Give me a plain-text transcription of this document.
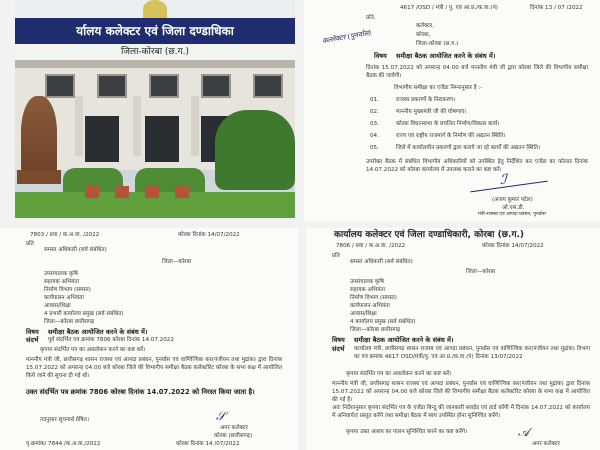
र्यालय कलेक्टर एवं जिला दण्डाधिका
जिला-कोरबा (छ.ग.)
4617 /OSD / मंत्री / पु. एवं आ.प्र./क.वा.(पं)	दिनांक 13 / 07 /2022
प्रति,
कलेक्टर,
कोरबा,
जिला-कोरबा (छ.ग.)
कल्लेक्टर (पुनर्वास)
विषय समीक्षा बैठक आयोजित करने के संबंध में।
दिनांक 15.07.2022 को अपरान्ह 04.00 बजे माननीय मंत्री जी द्वारा कोरबा जिले की विभागीय समीक्षा बैठक की जावेगी।
विभागीय समीक्षा का एजेंडा निम्नानुसार है :-
01.	राजस्व प्रकरणों के निराकरण।
02.	माननीय मुख्यमंत्री जी की घोषणाएं।
03.	कोरबा विधानसभा के प्रचलित निर्माण/विकास कार्य।
04.	राज्य एवं राष्ट्रीय राजमार्ग के निर्माण की अद्यतन स्थिति।
05.	जिले में कार्यालयीन प्रकरणों द्वारा कराये जा रहे कार्यों की अद्यतन स्थिति।
उपरोक्त बैठक में संबंधित विभागीय अधिकारियों को उपस्थित हेतु निर्देशित कर एजेंडा का फोल्डर दिनांक 14.07.2022 को कोरबा कार्यालय में उपलब्ध कराने का कष्ट करें।
ℐ
(अजय कुमार पटेल)
ओ.एस.डी.
मंत्री-राजस्व एवं आपदा प्रबंधन, पुनर्वास
7803 / प्रवा / क.अ.वा. /2022	कोरबा दिनांक 14/07/2022
प्रति
समस्त अधिकारी (सर्व संबंधित)
जिला—कोरबा
उपसंचालक कृषि
सहायक अभियंता
निर्माण विभाग (समस्त)
कार्यपालन अभियंता
आवास/शिक्षा
4 प्रभारी कार्यालय प्रमुख (सर्व संबंधित)
जिला—कोरबा छत्तीसगढ़
विषय समीक्षा बैठक आयोजित करने के संबंध में।
संदर्भ पूर्व संदर्भित पत्र क्रमांक 7806 कोरबा दिनांक 14.07.2022
कृपया संदर्भित पत्र का अवलोकन करने का कष्ट करें।
माननीय मंत्री जी, छत्तीसगढ़ शासन राजस्व एवं आपदा प्रबंधन, पुनर्वास एवं वाणिज्यिक कर(पंजीयन तथा मुद्रांक) द्वारा दिनांक 15.07.2022 को अपरान्ह 04.00 बजे कोरबा जिले की विभागीय समीक्षा बैठक कलेक्टोरेट कोरबा के सभा कक्ष में आयोजित किये जाने की सूचना दी गई थी।
उक्त संदर्भित पत्र क्रमांक 7806 कोरबा दिनांक 14.07.2022 को निरस्त किया जाता है।
तदनुसार सूचनार्थ प्रेषित।	𝒮
अपर कलेक्टर
कोरबा (छत्तीसगढ़)
पृ.क्रमांक/ 7844 /क.अ.वा./2022	कोरबा दिनांक 14 /07/2022
कार्यालय कलेक्टर एवं जिला दण्डाधिकारी, कोरबा (छ.ग.)
7806 / प्रवा / क.अ.वा. /2022	कोरबा दिनांक 14/07/2022
प्रति
समस्त अधिकारी (सर्व संबंधित)
जिला—कोरबा
उपसंचालक कृषि
सहायक अभियंता
निर्माण विभाग (समस्त)
कार्यपालन अभियंता
आवास/शिक्षा
4 कार्यालय प्रमुख (सर्व संबंधित)
जिला—कोरबा छत्तीसगढ़
विषय समीक्षा बैठक आयोजित करने के संबंध में।
संदर्भ कार्यालय मंत्री, छत्तीसगढ़ शासन राजस्व एवं आपदा प्रबंधन, पुनर्वास एवं वाणिज्यिक कर(पंजीयन तथा मुद्रांक) विभाग का पत्र क्रमांक 4617 OSD/मंत्री/पु. एवं आ.प्र./क.वा.(पं) दिनांक 13/07/2022
कृपया संदर्भित पत्र का अवलोकन करने का कष्ट करें।
माननीय मंत्री जी, छत्तीसगढ़ शासन राजस्व एवं आपदा प्रबंधन, पुनर्वास एवं वाणिज्यिक कर(पंजीयन तथा मुद्रांक) द्वारा दिनांक 15.07.2022 को अपरान्ह 04.00 बजे कोरबा जिले की विभागीय समीक्षा बैठक कलेक्टोरेट कोरबा के सभा कक्ष में आयोजित की गई है।
अतः निर्देशानुसार कृपया संदर्भित पत्र के एजेंडा बिन्दु की जानकारी स्लाईड एवं हार्ड कॉपी में दिनांक 14.07.2022 को कार्यालय में अनिवार्यतः प्रस्तुत करेंगे तथा समीक्षा बैठक में स्वयं उपस्थित होना सुनिश्चित करेंगे।
कृपया उक्त आशय का पालन सुनिश्चित करने का कष्ट करेंगे।	𝒜
अपर कलेक्टर
